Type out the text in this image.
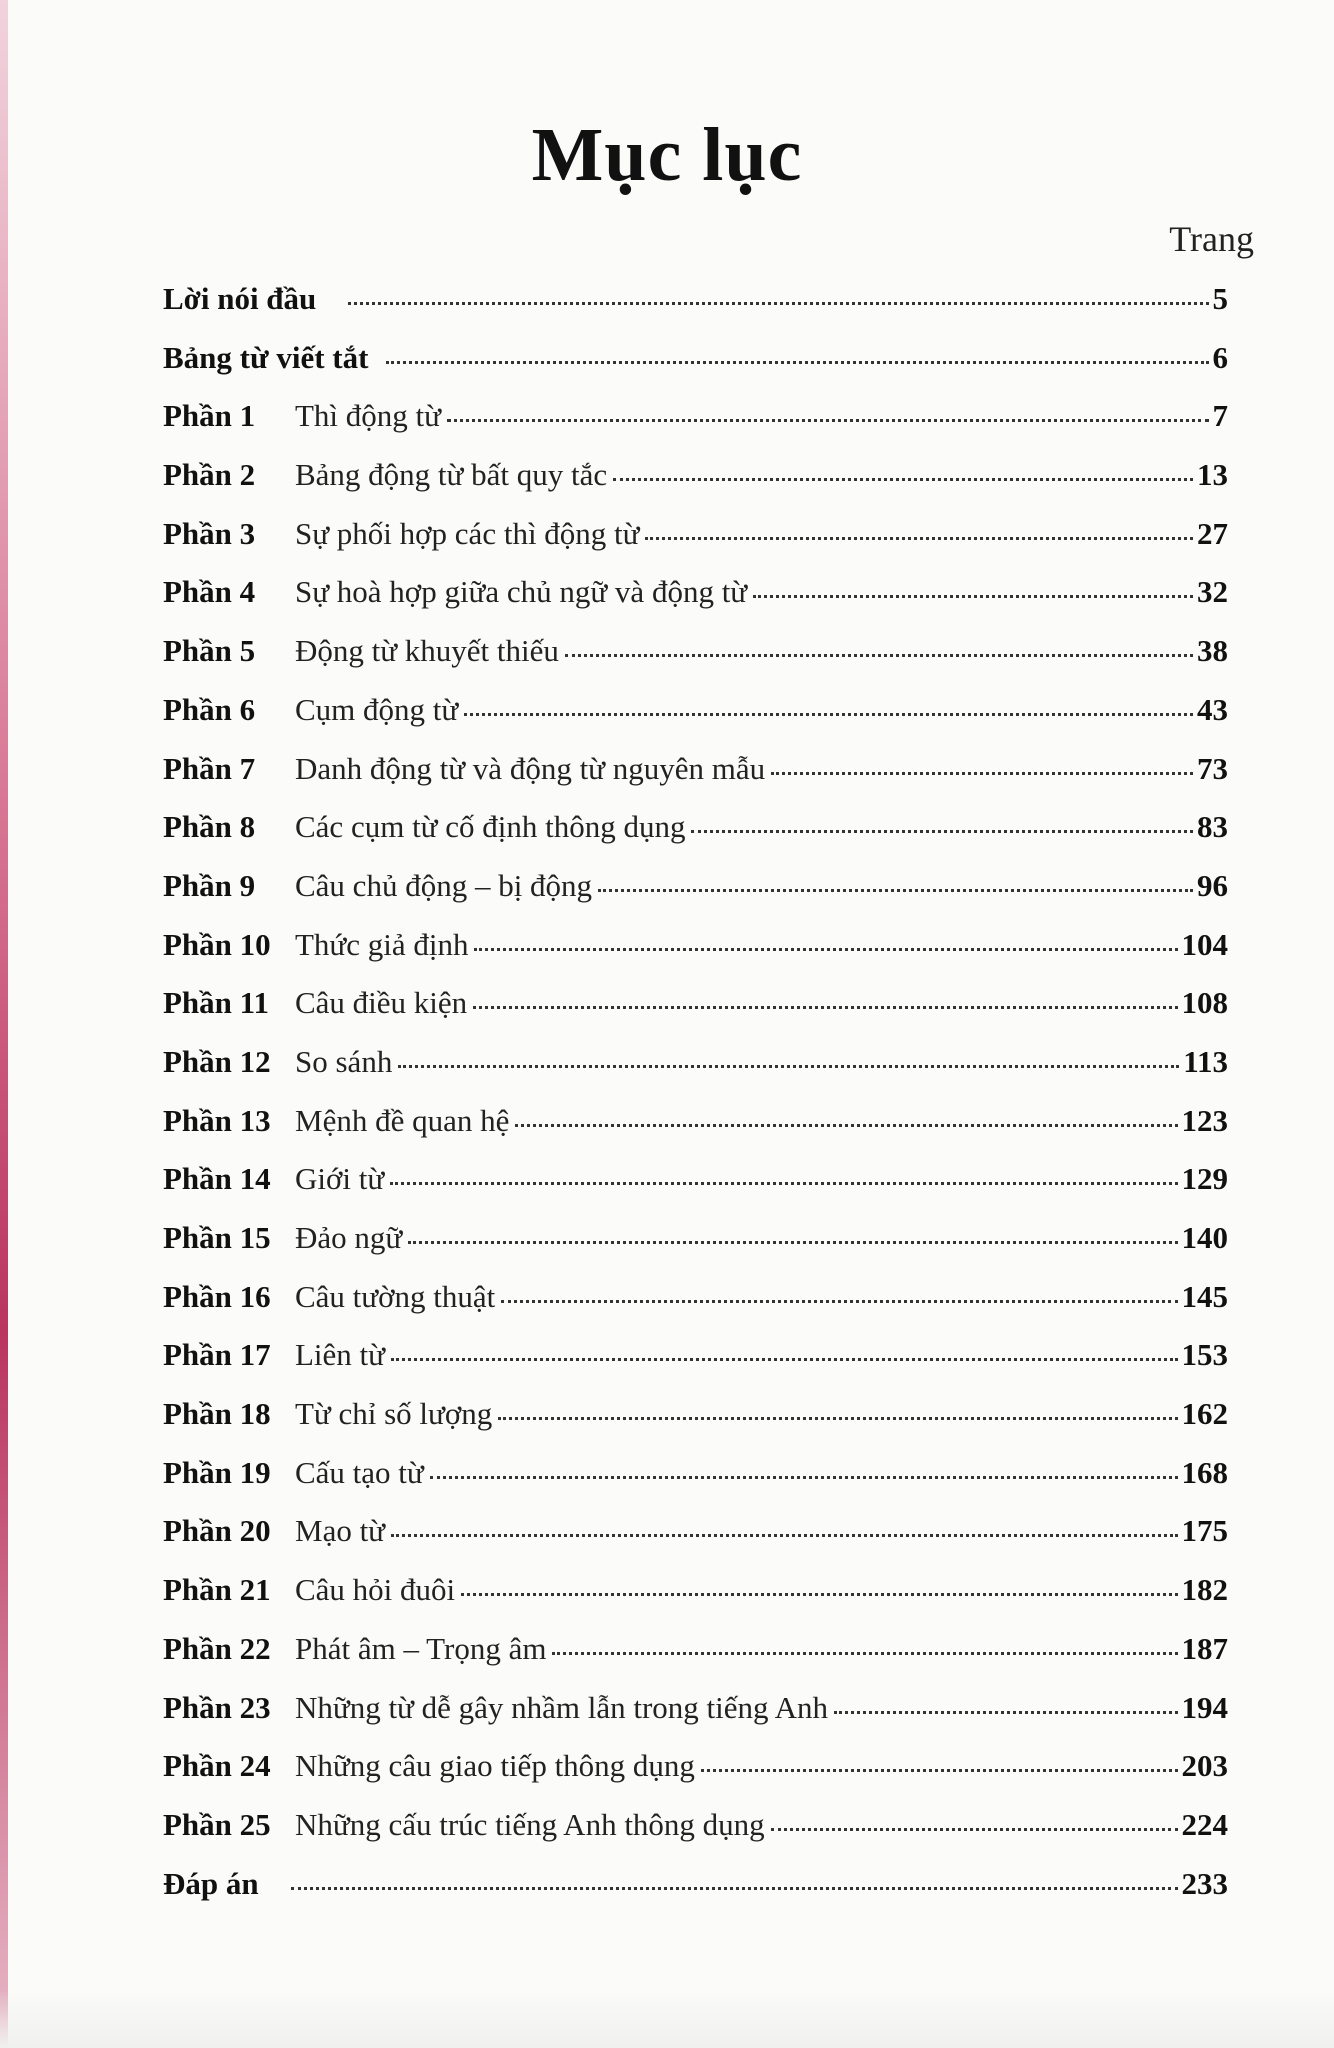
Mục lục
Trang
Lời nói đầu	5
Bảng từ viết tắt	6
Phần 1	Thì động từ	7
Phần 2	Bảng động từ bất quy tắc	13
Phần 3	Sự phối hợp các thì động từ	27
Phần 4	Sự hoà hợp giữa chủ ngữ và động từ	32
Phần 5	Động từ khuyết thiếu	38
Phần 6	Cụm động từ	43
Phần 7	Danh động từ và động từ nguyên mẫu	73
Phần 8	Các cụm từ cố định thông dụng	83
Phần 9	Câu chủ động – bị động	96
Phần 10 Thức giả định	104
Phần 11 Câu điều kiện	108
Phần 12 So sánh	113
Phần 13 Mệnh đề quan hệ	123
Phần 14 Giới từ	129
Phần 15 Đảo ngữ	140
Phần 16 Câu tường thuật	145
Phần 17 Liên từ	153
Phần 18 Từ chỉ số lượng	162
Phần 19 Cấu tạo từ	168
Phần 20 Mạo từ	175
Phần 21 Câu hỏi đuôi	182
Phần 22 Phát âm – Trọng âm	187
Phần 23 Những từ dễ gây nhầm lẫn trong tiếng Anh	194
Phần 24 Những câu giao tiếp thông dụng	203
Phần 25 Những cấu trúc tiếng Anh thông dụng	224
Đáp án	233
